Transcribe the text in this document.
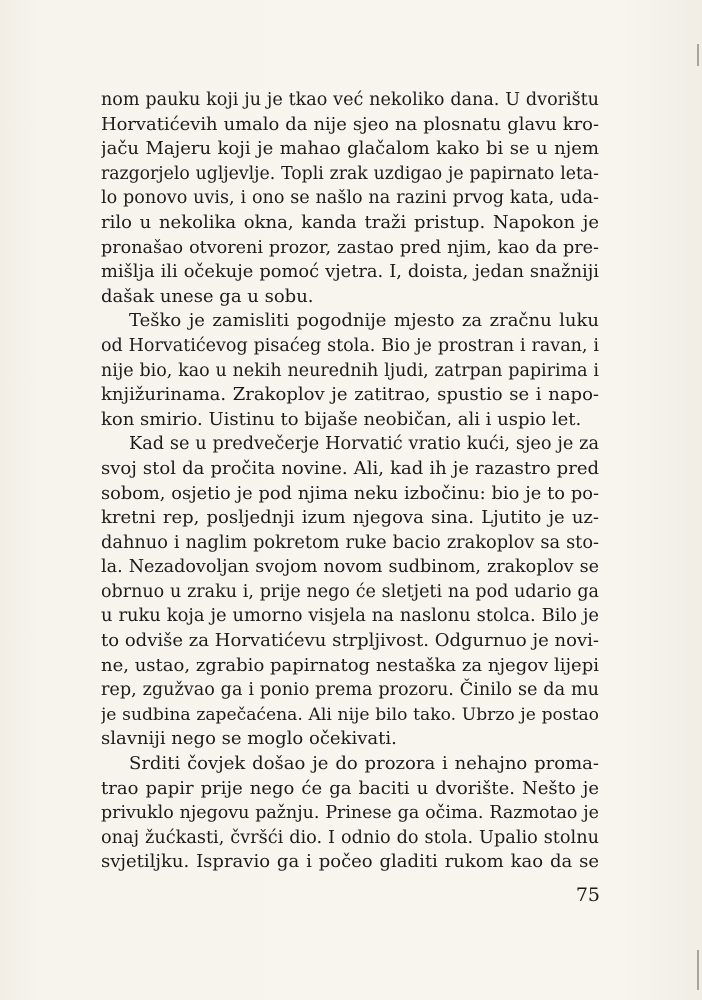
nom pauku koji ju je tkao već nekoliko dana. U dvorištu
Horvatićevih umalo da nije sjeo na plosnatu glavu kro-
jaču Majeru koji je mahao glačalom kako bi se u njem
razgorjelo ugljevlje. Topli zrak uzdigao je papirnato leta-
lo ponovo uvis, i ono se našlo na razini prvog kata, uda-
rilo u nekolika okna, kanda traži pristup. Napokon je
pronašao otvoreni prozor, zastao pred njim, kao da pre-
mišlja ili očekuje pomoć vjetra. I, doista, jedan snažniji
dašak unese ga u sobu.
Teško je zamisliti pogodnije mjesto za zračnu luku
od Horvatićevog pisaćeg stola. Bio je prostran i ravan, i
nije bio, kao u nekih neurednih ljudi, zatrpan papirima i
knjižurinama. Zrakoplov je zatitrao, spustio se i napo-
kon smirio. Uistinu to bijaše neobičan, ali i uspio let.
Kad se u predvečerje Horvatić vratio kući, sjeo je za
svoj stol da pročita novine. Ali, kad ih je razastro pred
sobom, osjetio je pod njima neku izbočinu: bio je to po-
kretni rep, posljednji izum njegova sina. Ljutito je uz-
dahnuo i naglim pokretom ruke bacio zrakoplov sa sto-
la. Nezadovoljan svojom novom sudbinom, zrakoplov se
obrnuo u zraku i, prije nego će sletjeti na pod udario ga
u ruku koja je umorno visjela na naslonu stolca. Bilo je
to odviše za Horvatićevu strpljivost. Odgurnuo je novi-
ne, ustao, zgrabio papirnatog nestaška za njegov lijepi
rep, zgužvao ga i ponio prema prozoru. Činilo se da mu
je sudbina zapečaćena. Ali nije bilo tako. Ubrzo je postao
slavniji nego se moglo očekivati.
Srditi čovjek došao je do prozora i nehajno proma-
trao papir prije nego će ga baciti u dvorište. Nešto je
privuklo njegovu pažnju. Prinese ga očima. Razmotao je
onaj žućkasti, čvršći dio. I odnio do stola. Upalio stolnu
svjetiljku. Ispravio ga i počeo gladiti rukom kao da se
75
